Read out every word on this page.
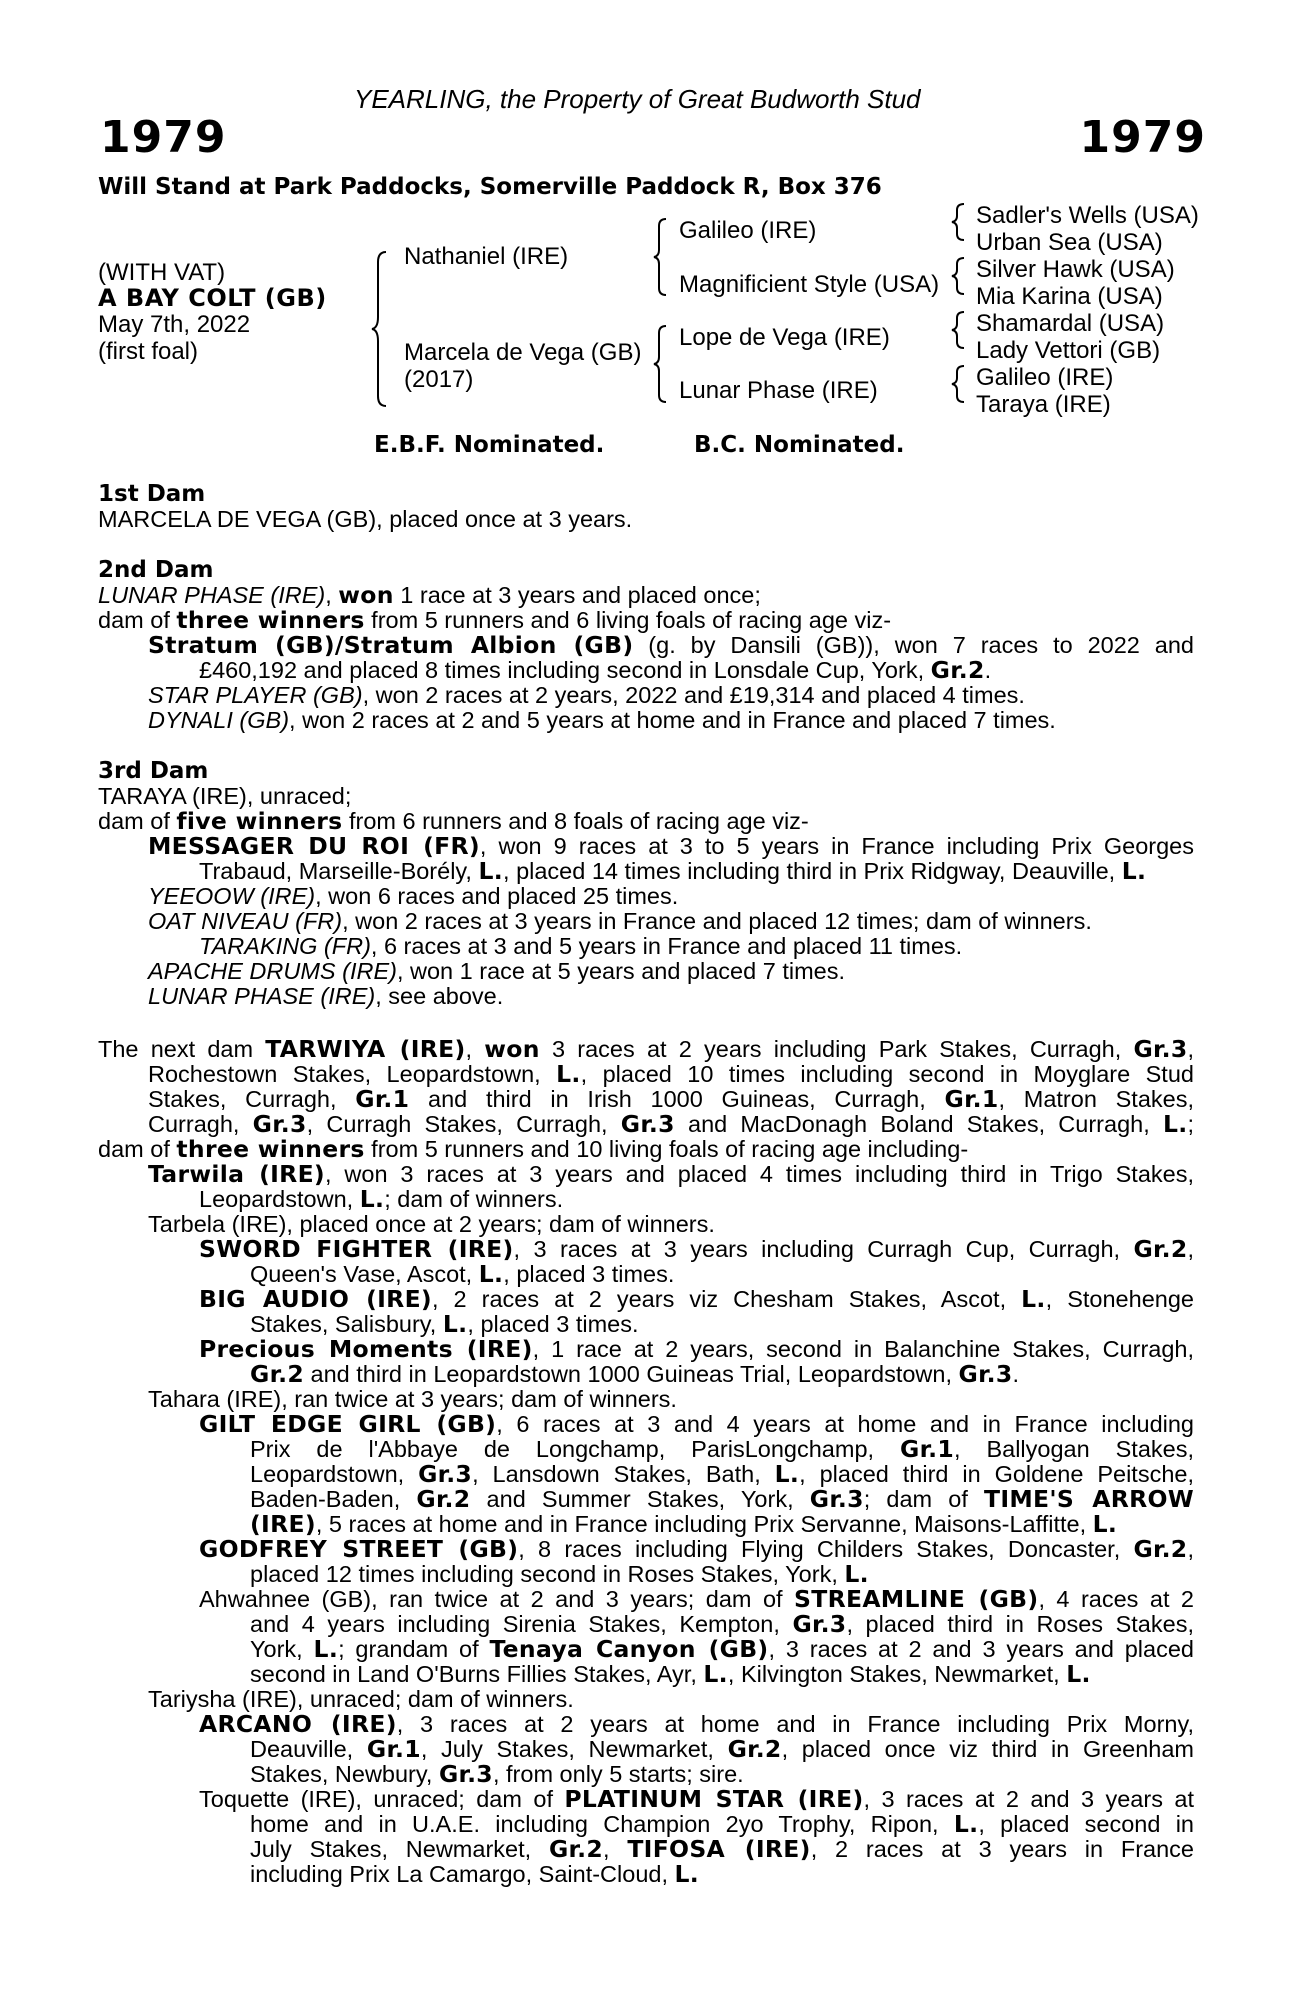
YEARLING, the Property of Great Budworth Stud
1979	1979
Will Stand at Park Paddocks, Somerville Paddock R, Box 376
(WITH VAT)
A BAY COLT (GB)
May 7th, 2022
(first foal)
Nathaniel (IRE)
Marcela de Vega (GB)
(2017)
Galileo (IRE)
Magnificient Style (USA)
Lope de Vega (IRE)
Lunar Phase (IRE)
Sadler's Wells (USA)
Urban Sea (USA)
Silver Hawk (USA)
Mia Karina (USA)
Shamardal (USA)
Lady Vettori (GB)
Galileo (IRE)
Taraya (IRE)
E.B.F. Nominated.	B.C. Nominated.
1st Dam
MARCELA DE VEGA (GB), placed once at 3 years.
2nd Dam
LUNAR PHASE (IRE), won 1 race at 3 years and placed once;
dam of three winners from 5 runners and 6 living foals of racing age viz-
Stratum (GB)/Stratum Albion (GB) (g. by Dansili (GB)), won 7 races to 2022 and
£460,192 and placed 8 times including second in Lonsdale Cup, York, Gr.2.
STAR PLAYER (GB), won 2 races at 2 years, 2022 and £19,314 and placed 4 times.
DYNALI (GB), won 2 races at 2 and 5 years at home and in France and placed 7 times.
3rd Dam
TARAYA (IRE), unraced;
dam of five winners from 6 runners and 8 foals of racing age viz-
MESSAGER DU ROI (FR), won 9 races at 3 to 5 years in France including Prix Georges
Trabaud, Marseille-Borély, L., placed 14 times including third in Prix Ridgway, Deauville, L.
YEEOOW (IRE), won 6 races and placed 25 times.
OAT NIVEAU (FR), won 2 races at 3 years in France and placed 12 times; dam of winners.
TARAKING (FR), 6 races at 3 and 5 years in France and placed 11 times.
APACHE DRUMS (IRE), won 1 race at 5 years and placed 7 times.
LUNAR PHASE (IRE), see above.
The next dam TARWIYA (IRE), won 3 races at 2 years including Park Stakes, Curragh, Gr.3,
Rochestown Stakes, Leopardstown, L., placed 10 times including second in Moyglare Stud
Stakes, Curragh, Gr.1 and third in Irish 1000 Guineas, Curragh, Gr.1, Matron Stakes,
Curragh, Gr.3, Curragh Stakes, Curragh, Gr.3 and MacDonagh Boland Stakes, Curragh, L.;
dam of three winners from 5 runners and 10 living foals of racing age including-
Tarwila (IRE), won 3 races at 3 years and placed 4 times including third in Trigo Stakes,
Leopardstown, L.; dam of winners.
Tarbela (IRE), placed once at 2 years; dam of winners.
SWORD FIGHTER (IRE), 3 races at 3 years including Curragh Cup, Curragh, Gr.2,
Queen's Vase, Ascot, L., placed 3 times.
BIG AUDIO (IRE), 2 races at 2 years viz Chesham Stakes, Ascot, L., Stonehenge
Stakes, Salisbury, L., placed 3 times.
Precious Moments (IRE), 1 race at 2 years, second in Balanchine Stakes, Curragh,
Gr.2 and third in Leopardstown 1000 Guineas Trial, Leopardstown, Gr.3.
Tahara (IRE), ran twice at 3 years; dam of winners.
GILT EDGE GIRL (GB), 6 races at 3 and 4 years at home and in France including
Prix de l'Abbaye de Longchamp, ParisLongchamp, Gr.1, Ballyogan Stakes,
Leopardstown, Gr.3, Lansdown Stakes, Bath, L., placed third in Goldene Peitsche,
Baden-Baden, Gr.2 and Summer Stakes, York, Gr.3; dam of TIME'S ARROW
(IRE), 5 races at home and in France including Prix Servanne, Maisons-Laffitte, L.
GODFREY STREET (GB), 8 races including Flying Childers Stakes, Doncaster, Gr.2,
placed 12 times including second in Roses Stakes, York, L.
Ahwahnee (GB), ran twice at 2 and 3 years; dam of STREAMLINE (GB), 4 races at 2
and 4 years including Sirenia Stakes, Kempton, Gr.3, placed third in Roses Stakes,
York, L.; grandam of Tenaya Canyon (GB), 3 races at 2 and 3 years and placed
second in Land O'Burns Fillies Stakes, Ayr, L., Kilvington Stakes, Newmarket, L.
Tariysha (IRE), unraced; dam of winners.
ARCANO (IRE), 3 races at 2 years at home and in France including Prix Morny,
Deauville, Gr.1, July Stakes, Newmarket, Gr.2, placed once viz third in Greenham
Stakes, Newbury, Gr.3, from only 5 starts; sire.
Toquette (IRE), unraced; dam of PLATINUM STAR (IRE), 3 races at 2 and 3 years at
home and in U.A.E. including Champion 2yo Trophy, Ripon, L., placed second in
July Stakes, Newmarket, Gr.2, TIFOSA (IRE), 2 races at 3 years in France
including Prix La Camargo, Saint-Cloud, L.
